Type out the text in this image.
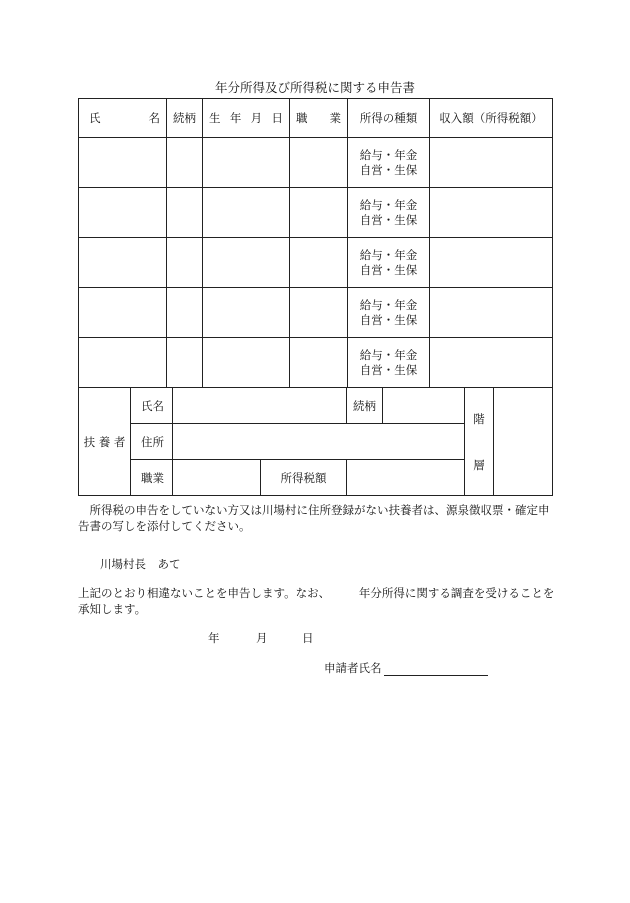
年分所得及び所得税に関する申告書
氏 名	続柄	生 年 月 日	職 業	所得の種類	収入額（所得税額）

				給与・年金
自営・生保	

				給与・年金
自営・生保	

				給与・年金
自営・生保	

				給与・年金
自営・生保	

				給与・年金
自営・生保	

扶 養 者	氏名			続柄		階
層	

	住所						
	職業		所得税額				
所得税の申告をしていない方又は川場村に住所登録がない扶養者は、源泉徴収票・確定申告書の写しを添付してください。
川場村長　あて
上記のとおり相違ないことを申告します。なお、　　　年分所得に関する調査を受けることを承知します。
年	月	日
申請者氏名
